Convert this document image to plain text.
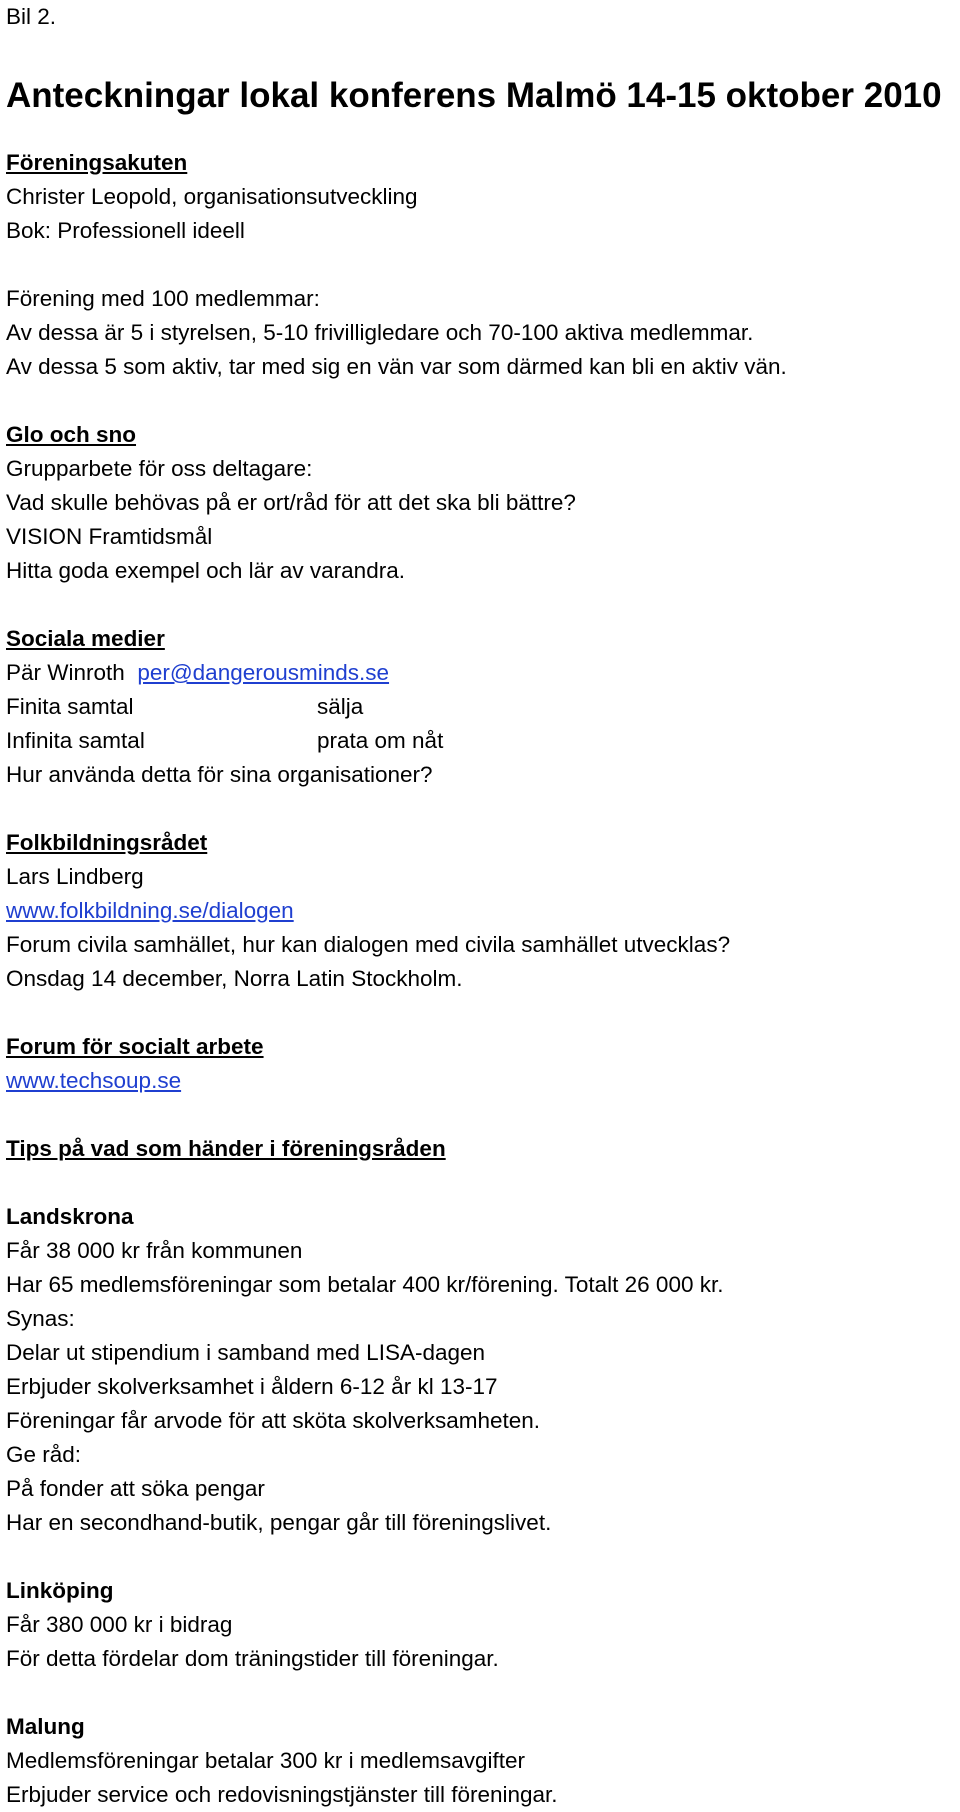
Bil 2.
Anteckningar lokal konferens Malmö 14-15 oktober 2010
Föreningsakuten
Christer Leopold, organisationsutveckling
Bok: Professionell ideell
Förening med 100 medlemmar:
Av dessa är 5 i styrelsen, 5-10 frivilligledare och 70-100 aktiva medlemmar.
Av dessa 5 som aktiv, tar med sig en vän var som därmed kan bli en aktiv vän.
Glo och sno
Grupparbete för oss deltagare:
Vad skulle behövas på er ort/råd för att det ska bli bättre?
VISION Framtidsmål
Hitta goda exempel och lär av varandra.
Sociala medier
Pär Winroth per@dangerousminds.se
Finita samtal	sälja
Infinita samtal	prata om nåt
Hur använda detta för sina organisationer?
Folkbildningsrådet
Lars Lindberg
www.folkbildning.se/dialogen
Forum civila samhället, hur kan dialogen med civila samhället utvecklas?
Onsdag 14 december, Norra Latin Stockholm.
Forum för socialt arbete
www.techsoup.se
Tips på vad som händer i föreningsråden
Landskrona
Får 38 000 kr från kommunen
Har 65 medlemsföreningar som betalar 400 kr/förening. Totalt 26 000 kr.
Synas:
Delar ut stipendium i samband med LISA-dagen
Erbjuder skolverksamhet i åldern 6-12 år kl 13-17
Föreningar får arvode för att sköta skolverksamheten.
Ge råd:
På fonder att söka pengar
Har en secondhand-butik, pengar går till föreningslivet.
Linköping
Får 380 000 kr i bidrag
För detta fördelar dom träningstider till föreningar.
Malung
Medlemsföreningar betalar 300 kr i medlemsavgifter
Erbjuder service och redovisningstjänster till föreningar.
